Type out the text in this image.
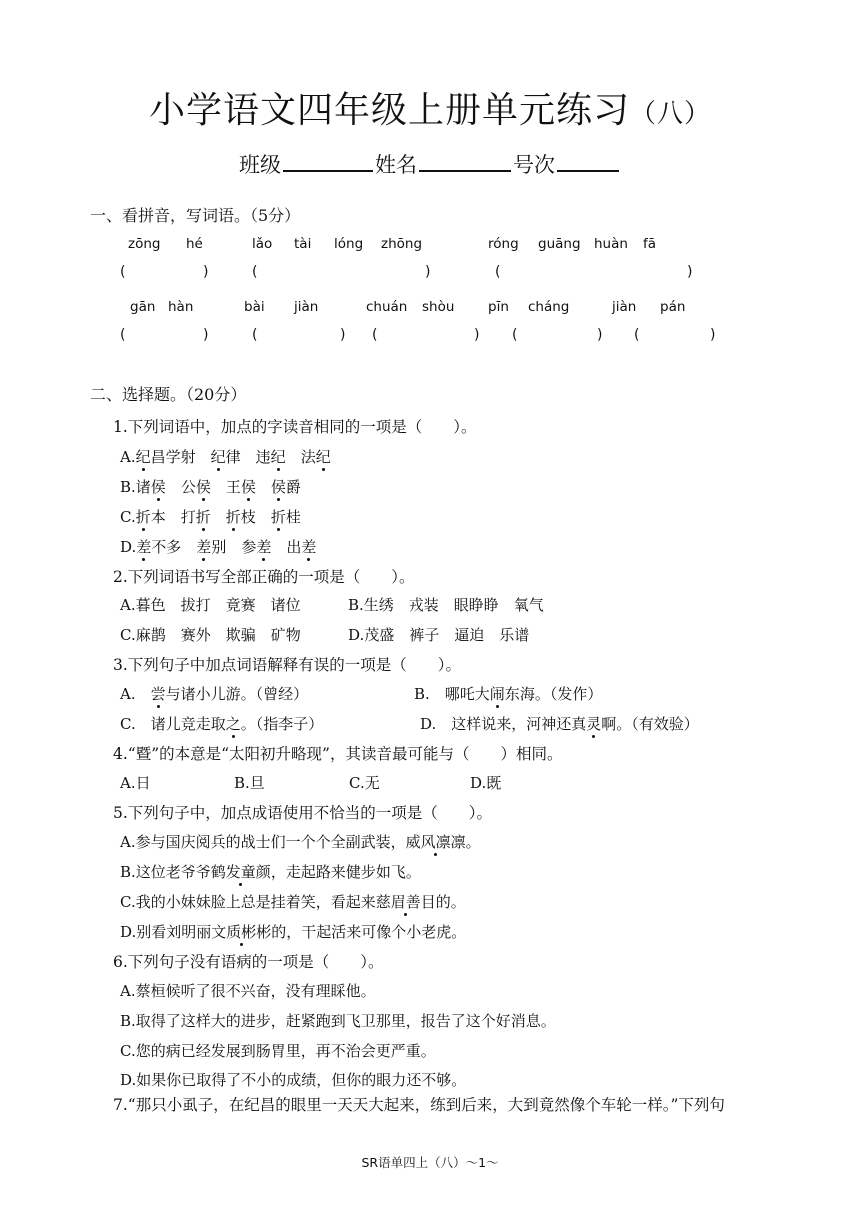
小学语文四年级上册单元练习（八）
班级	姓名	号次
一、看拼音，写词语。（5分）
zōng hé	lǎo tài lóng zhōng	róng guāng huàn fā
(	)	(	)	(	)
gān hàn	bài jiàn	chuán shòu pīn cháng	jiàn pán
(	)	(	) (	) (	) (	)
二、选择题。（20分）
1.下列词语中，加点的字读音相同的一项是（　　）。
A.纪昌学射　纪律　违纪　法纪
B.诸侯　公侯　王侯　 侯爵
C.折本　打折　 折枝　折桂
D.差不多　差别　参差　出差
2.下列词语书写全部正确的一项是（　　）。
A.暮色　拔打　竟赛　诸位	B.生绣　戎装　眼睁睁　氧气
C.麻鹊　赛外　欺骗　矿物	D.茂盛　裤子　逼迫　乐谱
3.下列句子中加点词语解释有误的一项是（　　）。
A.　尝与诸小儿游。（曾经）	B.　哪吒大闹东海。（发作）
C.　诸儿竞走取之。（指李子）	D.　这样说来，河神还真灵啊。（有效验）
4.“暨”的本意是“太阳初升略现”，其读音最可能与（　　）相同。
A.日	B.旦	C.无	D.既
5.下列句子中，加点成语使用不恰当的一项是（　　）。
A.参与国庆阅兵的战士们一个个全副武装，威风凛凛。
B.这位老爷爷鹤发童颜，走起路来健步如飞。
C.我的小妹妹脸上总是挂着笑，看起来慈眉善目的。
D.别看刘明丽文质彬彬的，干起活来可像个小老虎。
6.下列句子没有语病的一项是（　　）。
A.蔡桓候听了很不兴奋，没有理睬他。
B.取得了这样大的进步，赶紧跑到飞卫那里，报告了这个好消息。
C.您的病已经发展到肠胃里，再不治会更严重。
D.如果你已取得了不小的成绩，但你的眼力还不够。
7.“那只小虱子，在纪昌的眼里一天天大起来，练到后来，大到竟然像个车轮一样。”下列句
SR语单四上（八）～1～
